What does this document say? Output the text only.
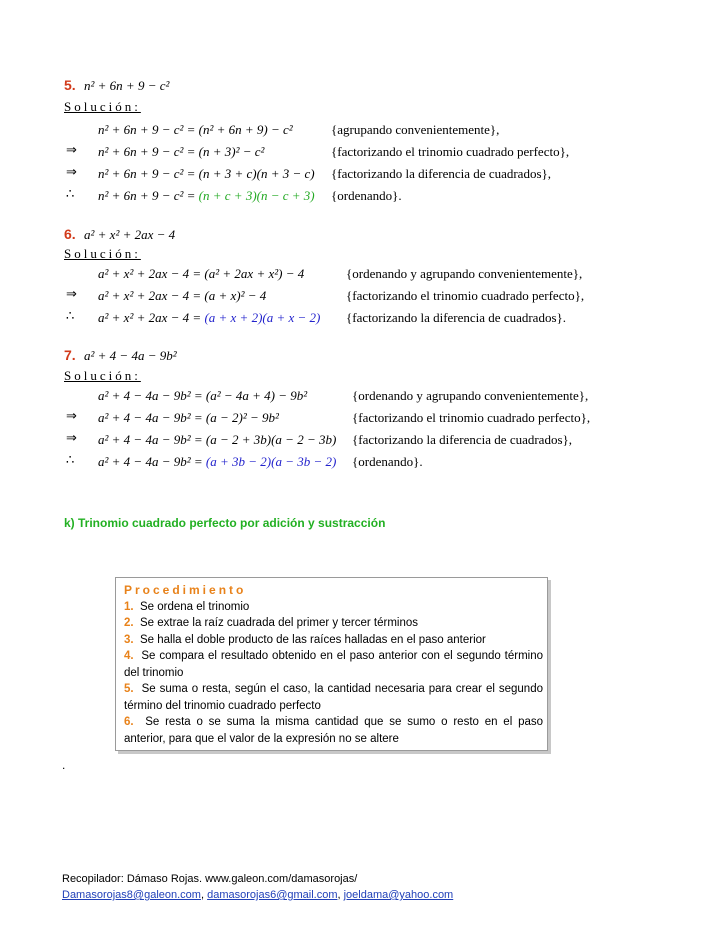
5. n² + 6n + 9 − c²
Solución:
n² + 6n + 9 − c² = (n² + 6n + 9) − c²	{agrupando convenientemente},
⇒ n² + 6n + 9 − c² = (n + 3)² − c²	{factorizando el trinomio cuadrado perfecto},
⇒ n² + 6n + 9 − c² = (n + 3 + c)(n + 3 − c) {factorizando la diferencia de cuadrados},
∴ n² + 6n + 9 − c² = (n + c + 3)(n − c + 3) {ordenando}.
6. a² + x² + 2ax − 4
Solución:
a² + x² + 2ax − 4 = (a² + 2ax + x²) − 4	{ordenando y agrupando convenientemente},
⇒ a² + x² + 2ax − 4 = (a + x)² − 4	{factorizando el trinomio cuadrado perfecto},
∴ a² + x² + 2ax − 4 = (a + x + 2)(a + x − 2) {factorizando la diferencia de cuadrados}.
7. a² + 4 − 4a − 9b²
Solución:
a² + 4 − 4a − 9b² = (a² − 4a + 4) − 9b²	{ordenando y agrupando convenientemente},
⇒ a² + 4 − 4a − 9b² = (a − 2)² − 9b²	{factorizando el trinomio cuadrado perfecto},
⇒ a² + 4 − 4a − 9b² = (a − 2 + 3b)(a − 2 − 3b) {factorizando la diferencia de cuadrados},
∴ a² + 4 − 4a − 9b² = (a + 3b − 2)(a − 3b − 2) {ordenando}.
k) Trinomio cuadrado perfecto por adición y sustracción
Procedimiento
1. Se ordena el trinomio
2. Se extrae la raíz cuadrada del primer y tercer términos
3. Se halla el doble producto de las raíces halladas en el paso anterior
4. Se compara el resultado obtenido en el paso anterior con el segundo término del trinomio
5. Se suma o resta, según el caso, la cantidad necesaria para crear el segundo término del trinomio cuadrado perfecto
6. Se resta o se suma la misma cantidad que se sumo o resto en el paso anterior, para que el valor de la expresión no se altere
.
Recopilador: Dámaso Rojas. www.galeon.com/damasorojas/
Damasorojas8@galeon.com, damasorojas6@gmail.com, joeldama@yahoo.com
